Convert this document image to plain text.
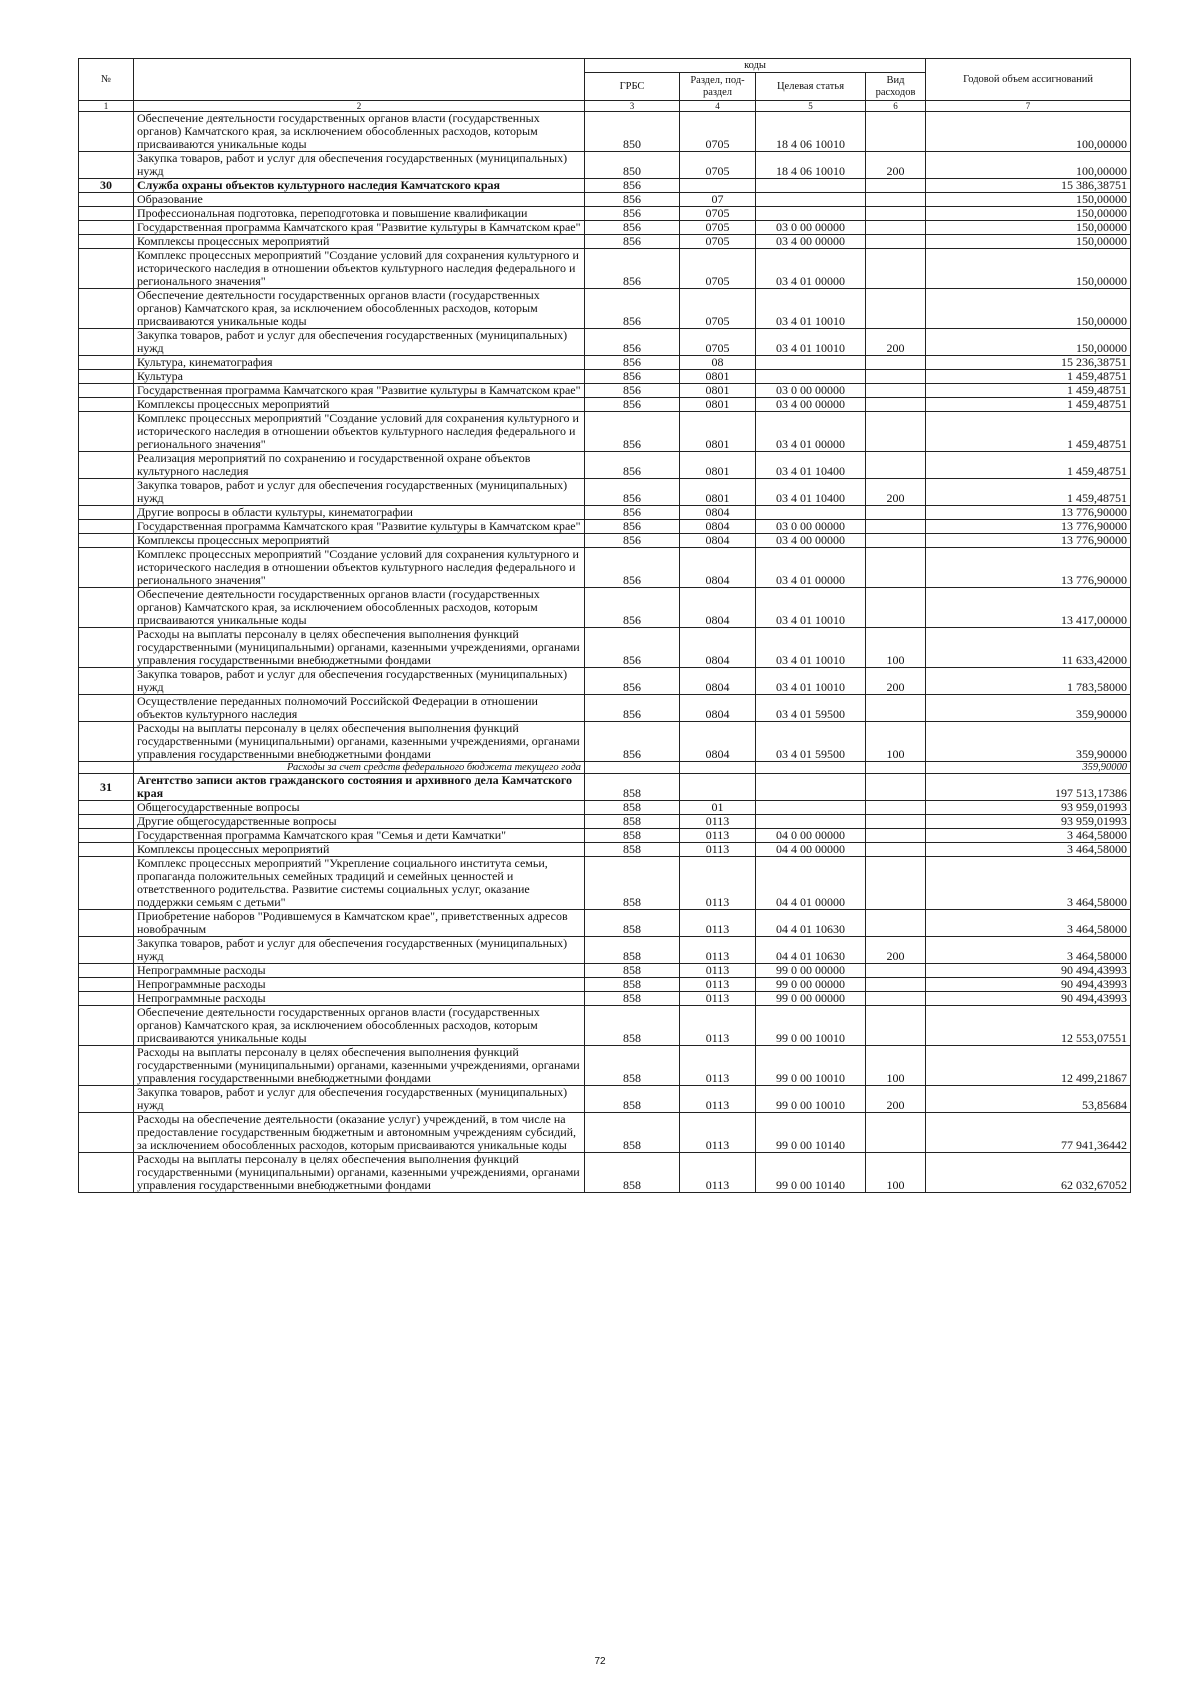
№		коды				Годовой объем ассигнований
		ГРБС	Раздел, под-раздел	Целевая статья	Вид расходов	
1	2	3	4	5	6	7
	Обеспечение деятельности государственных органов власти (государственных органов) Камчатского края, за исключением обособленных расходов, которым присваиваются уникальные коды	850	0705	18 4 06 10010		100,00000
	Закупка товаров, работ и услуг для обеспечения государственных (муниципальных) нужд	850	0705	18 4 06 10010	200	100,00000
30	Служба охраны объектов культурного наследия Камчатского края	856				15 386,38751
	Образование	856	07			150,00000
	Профессиональная подготовка, переподготовка и повышение квалификации	856	0705			150,00000
	Государственная программа Камчатского края "Развитие культуры в Камчатском крае"	856	0705	03 0 00 00000		150,00000
	Комплексы процессных мероприятий	856	0705	03 4 00 00000		150,00000
	Комплекс процессных мероприятий "Создание условий для сохранения культурного и исторического наследия в отношении объектов культурного наследия федерального и регионального значения"	856	0705	03 4 01 00000		150,00000
	Обеспечение деятельности государственных органов власти (государственных органов) Камчатского края, за исключением обособленных расходов, которым присваиваются уникальные коды	856	0705	03 4 01 10010		150,00000
	Закупка товаров, работ и услуг для обеспечения государственных (муниципальных) нужд	856	0705	03 4 01 10010	200	150,00000
	Культура, кинематография	856	08			15 236,38751
	Культура	856	0801			1 459,48751
	Государственная программа Камчатского края "Развитие культуры в Камчатском крае"	856	0801	03 0 00 00000		1 459,48751
	Комплексы процессных мероприятий	856	0801	03 4 00 00000		1 459,48751
	Комплекс процессных мероприятий "Создание условий для сохранения культурного и исторического наследия в отношении объектов культурного наследия федерального и регионального значения"	856	0801	03 4 01 00000		1 459,48751
	Реализация мероприятий по сохранению и государственной охране объектов культурного наследия	856	0801	03 4 01 10400		1 459,48751
	Закупка товаров, работ и услуг для обеспечения государственных (муниципальных) нужд	856	0801	03 4 01 10400	200	1 459,48751
	Другие вопросы в области культуры, кинематографии	856	0804			13 776,90000
	Государственная программа Камчатского края "Развитие культуры в Камчатском крае"	856	0804	03 0 00 00000		13 776,90000
	Комплексы процессных мероприятий	856	0804	03 4 00 00000		13 776,90000
	Комплекс процессных мероприятий "Создание условий для сохранения культурного и исторического наследия в отношении объектов культурного наследия федерального и регионального значения"	856	0804	03 4 01 00000		13 776,90000
	Обеспечение деятельности государственных органов власти (государственных органов) Камчатского края, за исключением обособленных расходов, которым присваиваются уникальные коды	856	0804	03 4 01 10010		13 417,00000
	Расходы на выплаты персоналу в целях обеспечения выполнения функций государственными (муниципальными) органами, казенными учреждениями, органами управления государственными внебюджетными фондами	856	0804	03 4 01 10010	100	11 633,42000
	Закупка товаров, работ и услуг для обеспечения государственных (муниципальных) нужд	856	0804	03 4 01 10010	200	1 783,58000
	Осуществление переданных полномочий Российской Федерации в отношении объектов культурного наследия	856	0804	03 4 01 59500		359,90000
	Расходы на выплаты персоналу в целях обеспечения выполнения функций государственными (муниципальными) органами, казенными учреждениями, органами управления государственными внебюджетными фондами	856	0804	03 4 01 59500	100	359,90000
	Расходы за счет средств федерального бюджета текущего года					359,90000
31	Агентство записи актов гражданского состояния и архивного дела Камчатского края	858				197 513,17386
	Общегосударственные вопросы	858	01			93 959,01993
	Другие общегосударственные вопросы	858	0113			93 959,01993
	Государственная программа Камчатского края "Семья и дети Камчатки"	858	0113	04 0 00 00000		3 464,58000
	Комплексы процессных мероприятий	858	0113	04 4 00 00000		3 464,58000
	Комплекс процессных мероприятий "Укрепление социального института семьи, пропаганда положительных семейных традиций и семейных ценностей и ответственного родительства. Развитие системы социальных услуг, оказание поддержки семьям с детьми"	858	0113	04 4 01 00000		3 464,58000
	Приобретение наборов "Родившемуся в Камчатском крае", приветственных адресов новобрачным	858	0113	04 4 01 10630		3 464,58000
	Закупка товаров, работ и услуг для обеспечения государственных (муниципальных) нужд	858	0113	04 4 01 10630	200	3 464,58000
	Непрограммные расходы	858	0113	99 0 00 00000		90 494,43993
	Непрограммные расходы	858	0113	99 0 00 00000		90 494,43993
	Непрограммные расходы	858	0113	99 0 00 00000		90 494,43993
	Обеспечение деятельности государственных органов власти (государственных органов) Камчатского края, за исключением обособленных расходов, которым присваиваются уникальные коды	858	0113	99 0 00 10010		12 553,07551
	Расходы на выплаты персоналу в целях обеспечения выполнения функций государственными (муниципальными) органами, казенными учреждениями, органами управления государственными внебюджетными фондами	858	0113	99 0 00 10010	100	12 499,21867
	Закупка товаров, работ и услуг для обеспечения государственных (муниципальных) нужд	858	0113	99 0 00 10010	200	53,85684
	Расходы на обеспечение деятельности (оказание услуг) учреждений, в том числе на предоставление государственным бюджетным и автономным учреждениям субсидий, за исключением обособленных расходов, которым присваиваются уникальные коды	858	0113	99 0 00 10140		77 941,36442
	Расходы на выплаты персоналу в целях обеспечения выполнения функций государственными (муниципальными) органами, казенными учреждениями, органами управления государственными внебюджетными фондами	858	0113	99 0 00 10140	100	62 032,67052
72
